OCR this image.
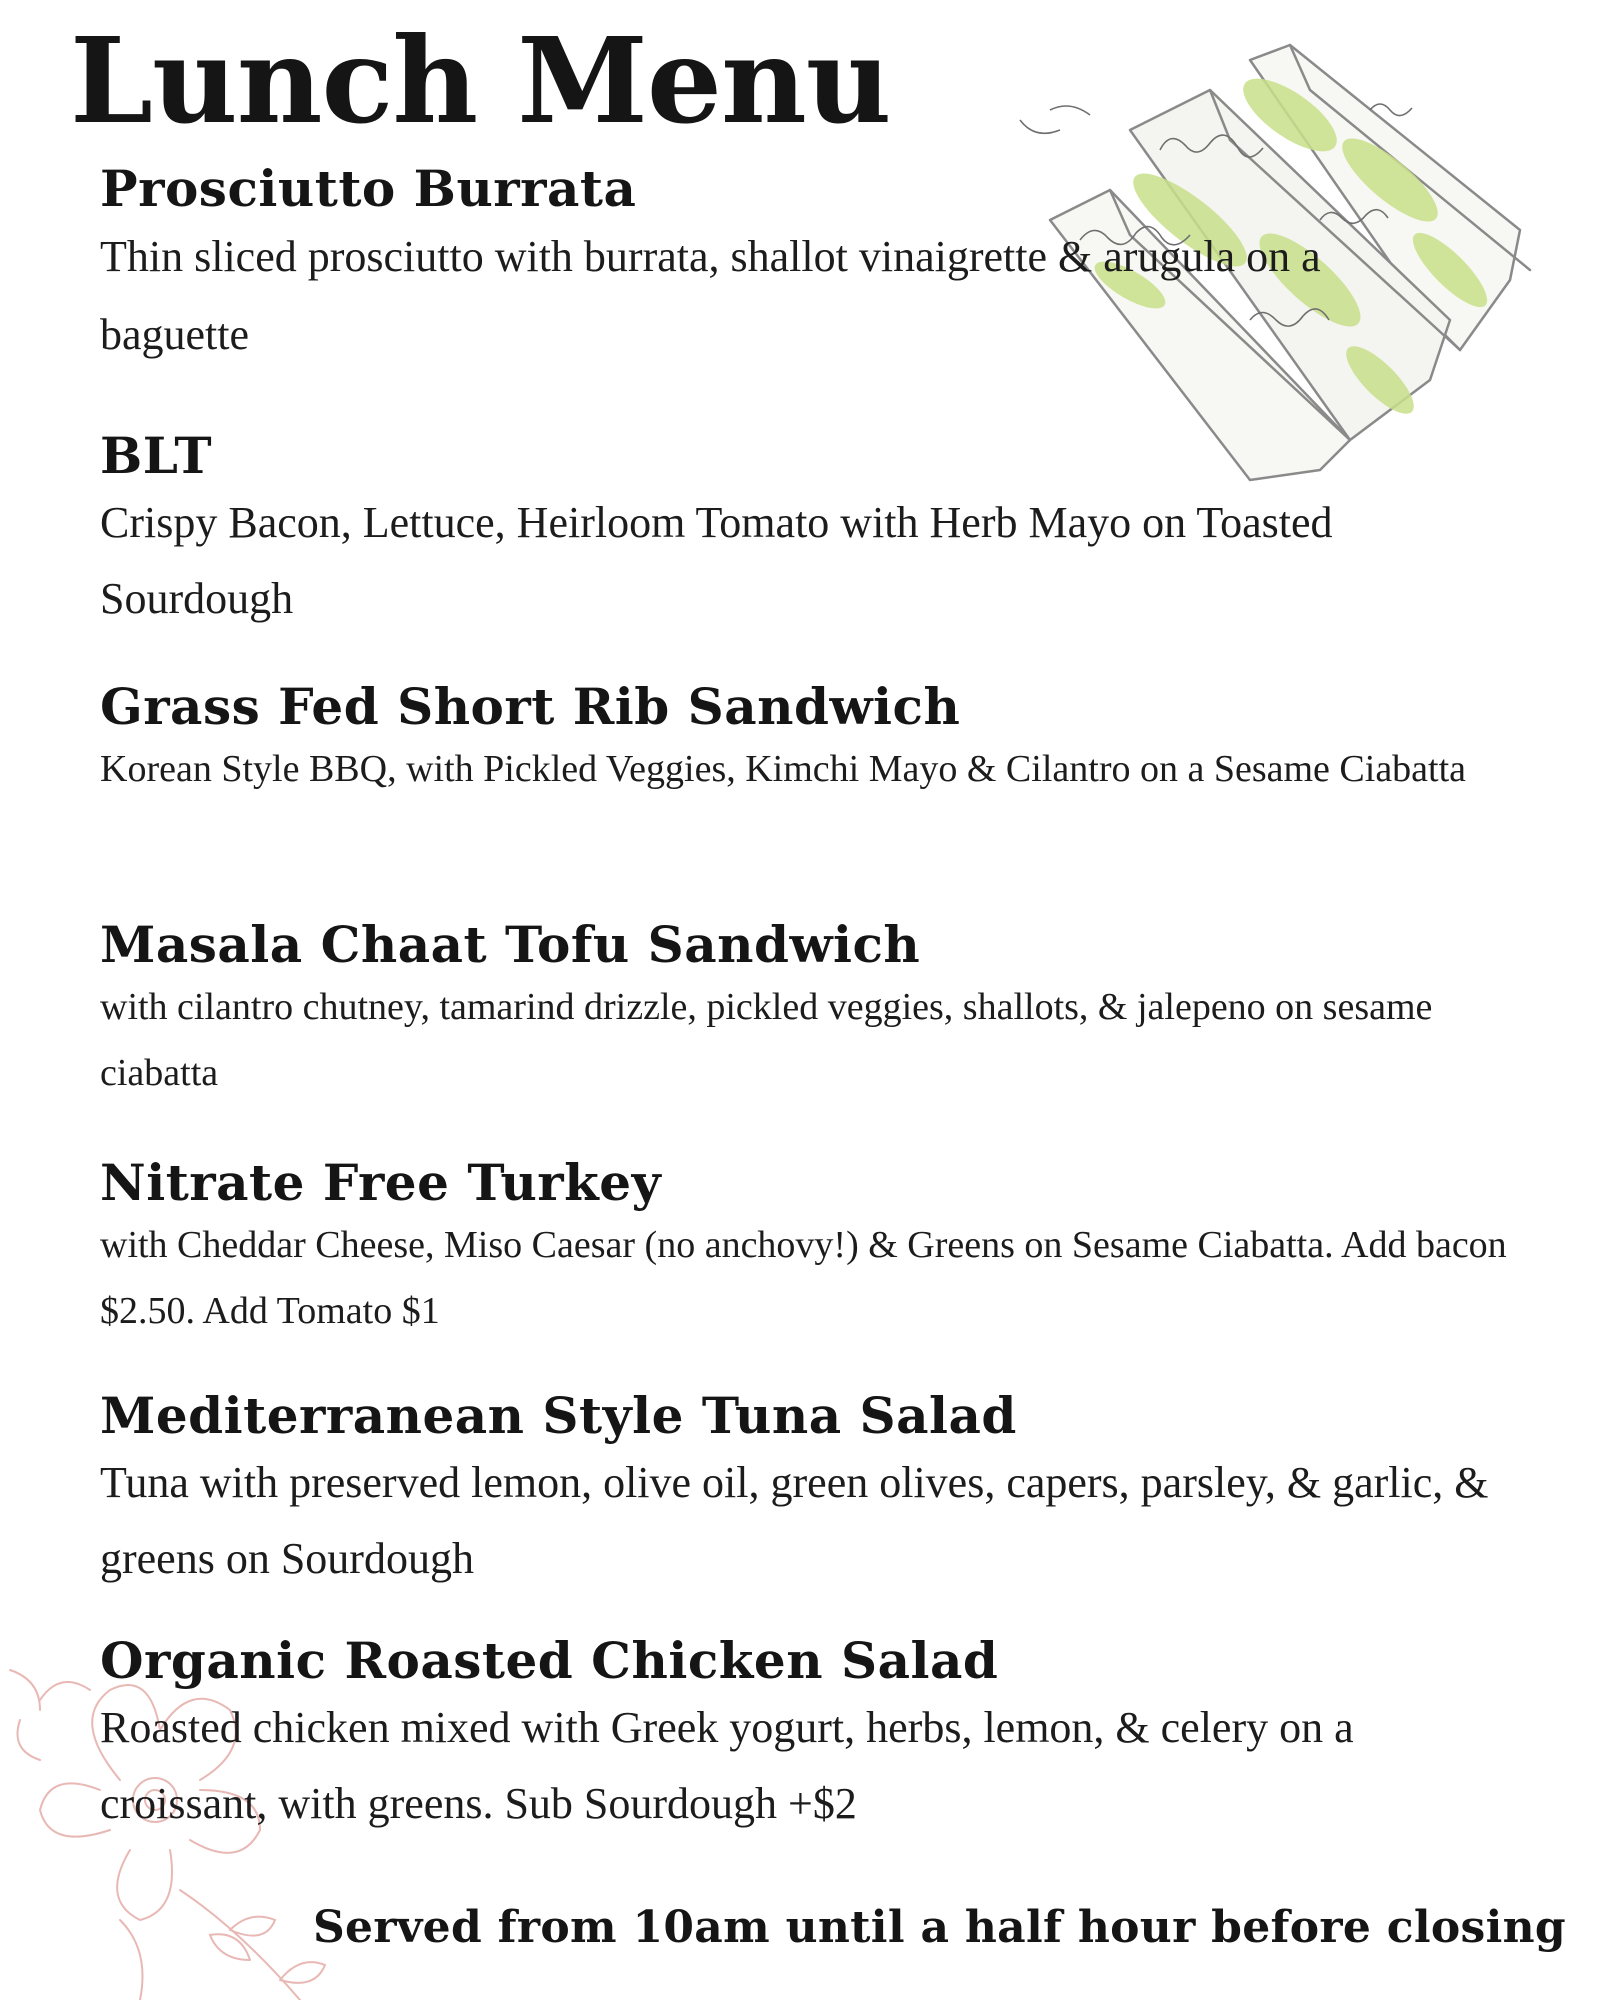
Lunch Menu
Prosciutto Burrata

Thin sliced prosciutto with burrata, shallot vinaigrette & arugula on a baguette

BLT

Crispy Bacon, Lettuce, Heirloom Tomato with Herb Mayo on Toasted Sourdough

Grass Fed Short Rib Sandwich

Korean Style BBQ, with Pickled Veggies, Kimchi Mayo & Cilantro on a Sesame Ciabatta

Masala Chaat Tofu Sandwich

with cilantro chutney, tamarind drizzle, pickled veggies, shallots, & jalepeno on sesame ciabatta

Nitrate Free Turkey

with Cheddar Cheese, Miso Caesar (no anchovy!) & Greens on Sesame Ciabatta. Add bacon $2.50. Add Tomato $1

Mediterranean Style Tuna Salad

Tuna with preserved lemon, olive oil, green olives, capers, parsley, & garlic, & greens on Sourdough

Organic Roasted Chicken Salad

Roasted chicken mixed with Greek yogurt, herbs, lemon, & celery on a croissant, with greens. Sub Sourdough +$2

Served from 10am until a half hour before closing
